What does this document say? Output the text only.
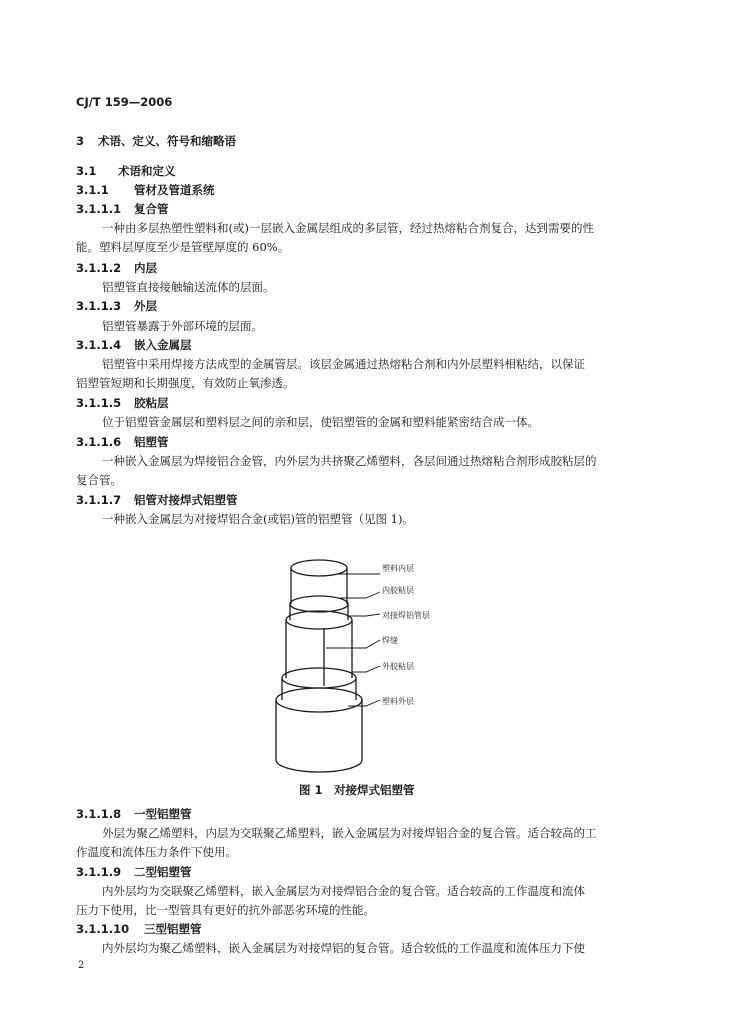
CJ/T 159—2006
3 术语、定义、符号和缩略语
3.1 术语和定义
3.1.1 管材及管道系统
3.1.1.1 复合管
一种由多层热塑性塑料和(或)一层嵌入金属层组成的多层管，经过热熔粘合剂复合，达到需要的性
能。塑料层厚度至少是管壁厚度的 60%。
3.1.1.2 内层
铝塑管直接接触输送流体的层面。
3.1.1.3 外层
铝塑管暴露于外部环境的层面。
3.1.1.4 嵌入金属层
铝塑管中采用焊接方法成型的金属管层。该层金属通过热熔粘合剂和内外层塑料相粘结，以保证
铝塑管短期和长期强度，有效防止氧渗透。
3.1.1.5 胶粘层
位于铝塑管金属层和塑料层之间的亲和层，使铝塑管的金属和塑料能紧密结合成一体。
3.1.1.6 铝塑管
一种嵌入金属层为焊接铝合金管，内外层为共挤聚乙烯塑料，各层间通过热熔粘合剂形成胶粘层的
复合管。
3.1.1.7 铝管对接焊式铝塑管
一种嵌入金属层为对接焊铝合金(或铝)管的铝塑管（见图 1)。
塑料内层
内胶粘层
对接焊铝管层
焊缝
外胶粘层
塑料外层
图 1　对接焊式铝塑管
3.1.1.8 一型铝塑管
外层为聚乙烯塑料，内层为交联聚乙烯塑料，嵌入金属层为对接焊铝合金的复合管。适合较高的工
作温度和流体压力条件下使用。
3.1.1.9 二型铝塑管
内外层均为交联聚乙烯塑料，嵌入金属层为对接焊铝合金的复合管。适合较高的工作温度和流体
压力下使用，比一型管具有更好的抗外部恶劣环境的性能。
3.1.1.10 三型铝塑管
内外层均为聚乙烯塑料，嵌入金属层为对接焊铝的复合管。适合较低的工作温度和流体压力下使
2
